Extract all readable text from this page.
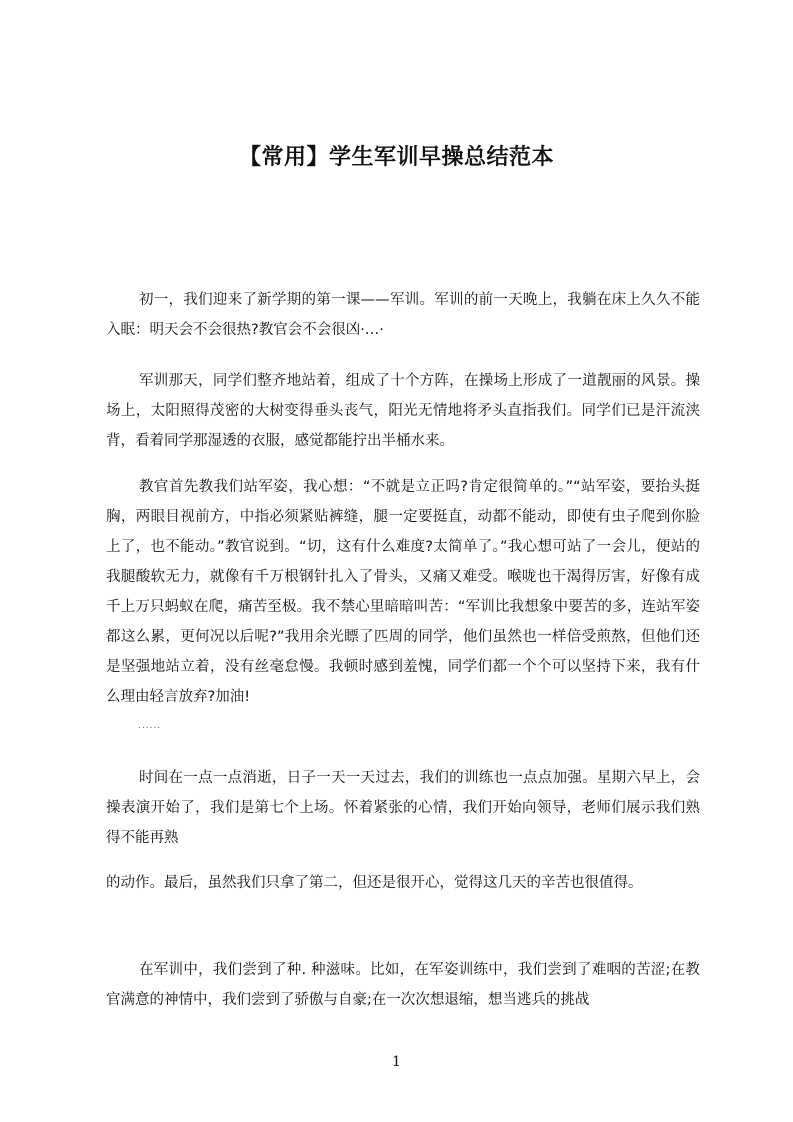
【常用】学生军训早操总结范本

初一，我们迎来了新学期的第一课——军训。军训的前一天晚上，我躺在床上久久不能入眠：明天会不会很热?教官会不会很凶·…·

军训那天，同学们整齐地站着，组成了十个方阵，在操场上形成了一道靓丽的风景。操场上，太阳照得茂密的大树变得垂头丧气，阳光无情地将矛头直指我们。同学们已是汗流浃背，看着同学那湿透的衣服，感觉都能拧出半桶水来。

教官首先教我们站军姿，我心想：“不就是立正吗?肯定很简单的。”“站军姿，要抬头挺胸，两眼目视前方，中指必须紧贴裤缝，腿一定要挺直，动都不能动，即使有虫子爬到你脸上了，也不能动。”教官说到。“切，这有什么难度?太简单了。”我心想可站了一会儿，便站的我腿酸软无力，就像有千万根钢针扎入了骨头，又痛又难受。喉咙也干渴得厉害，好像有成千上万只蚂蚁在爬，痛苦至极。我不禁心里暗暗叫苦：“军训比我想象中要苦的多，连站军姿都这么累，更何况以后呢?”我用余光瞟了匹周的同学，他们虽然也一样倍受煎熬，但他们还是坚强地站立着，没有丝毫怠慢。我顿时感到羞愧，同学们都一个个可以坚持下来，我有什么理由轻言放弃?加油!

......

时间在一点一点消逝，日子一天一天过去，我们的训练也一点点加强。星期六早上，会操表演开始了，我们是第七个上场。怀着紧张的心情，我们开始向领导，老师们展示我们熟得不能再熟

的动作。最后，虽然我们只拿了第二，但还是很开心，觉得这几天的辛苦也很值得。

在军训中，我们尝到了种. 种滋味。比如，在军姿训练中，我们尝到了难咽的苦涩;在教官满意的神情中，我们尝到了骄傲与自豪;在一次次想退缩，想当逃兵的挑战

1
